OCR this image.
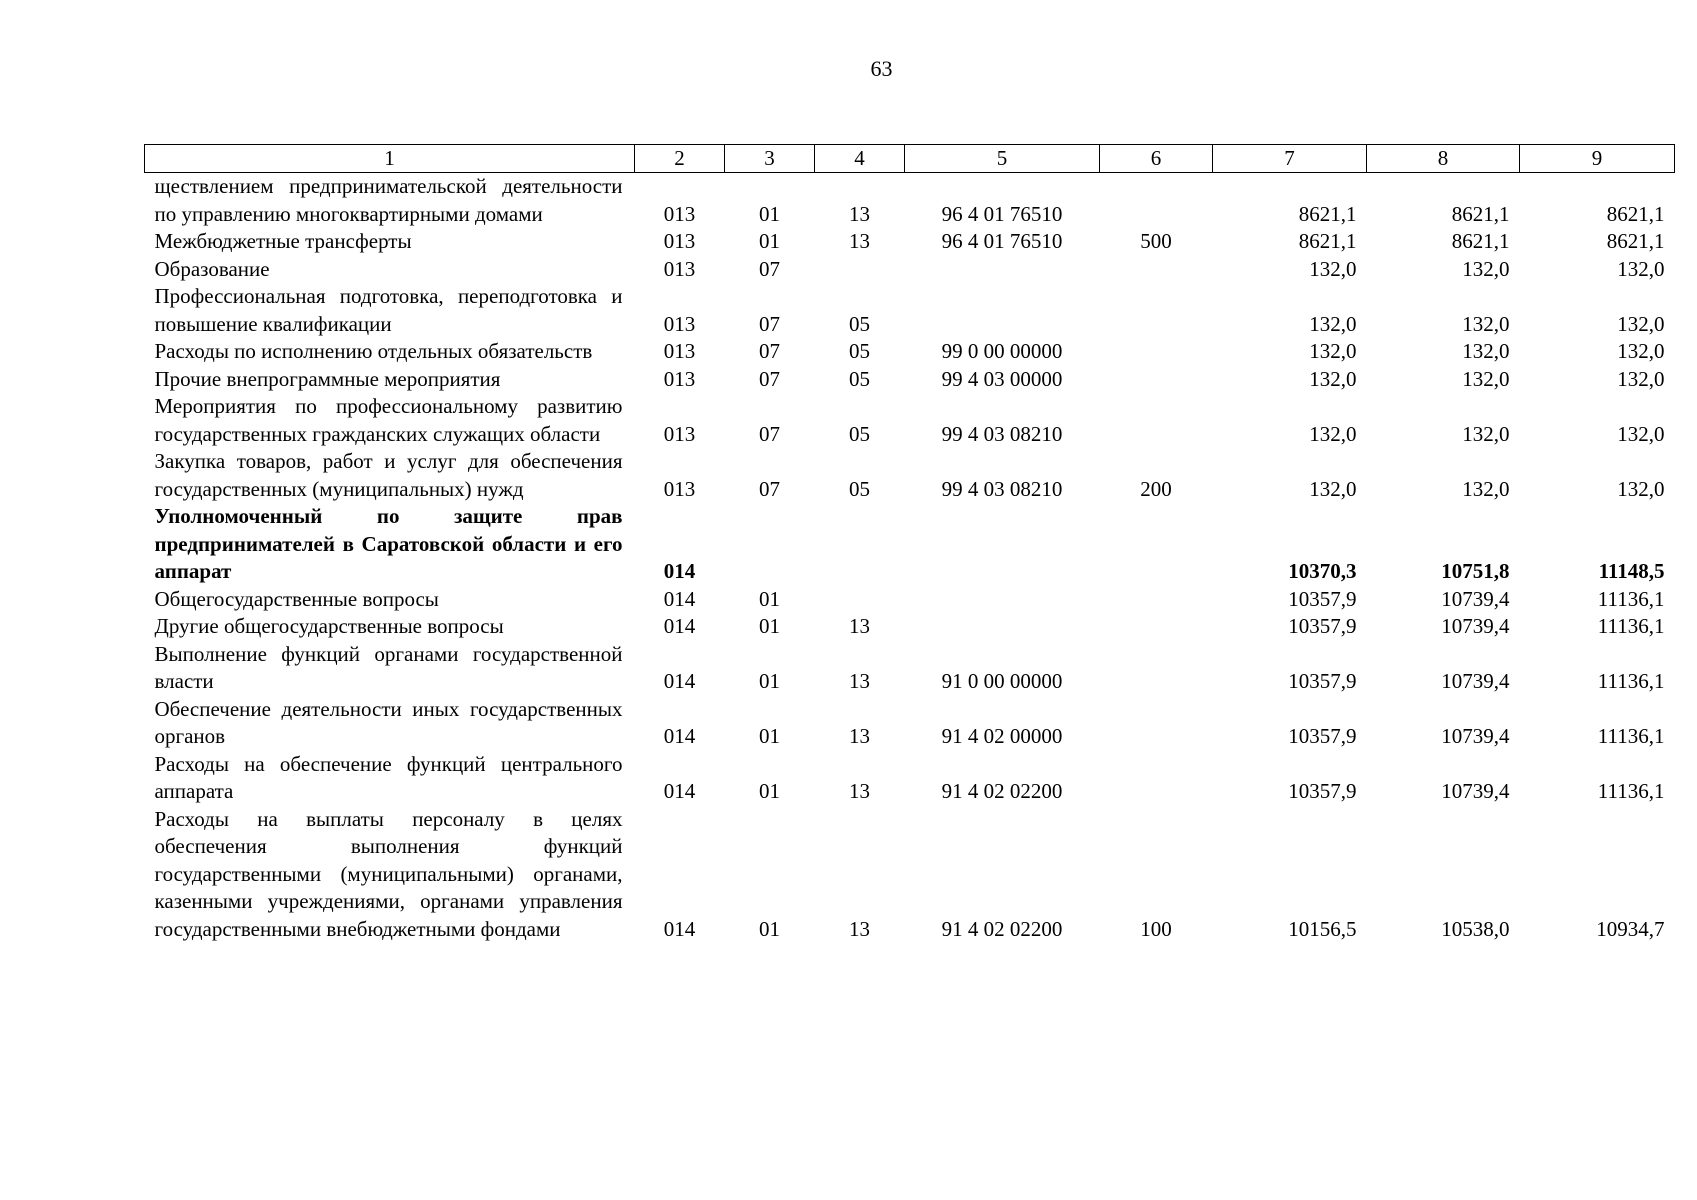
63
1	2	3	4	5	6	7	8	9
ществлением предпринимательской деятельности по управлению многоквартирными домами	013	01	13	96 4 01 76510		8621,1	8621,1	8621,1
Межбюджетные трансферты	013	01	13	96 4 01 76510	500	8621,1	8621,1	8621,1
Образование	013	07				132,0	132,0	132,0
Профессиональная подготовка, переподготовка и повышение квалификации	013	07	05			132,0	132,0	132,0
Расходы по исполнению отдельных обязательств	013	07	05	99 0 00 00000		132,0	132,0	132,0
Прочие внепрограммные мероприятия	013	07	05	99 4 03 00000		132,0	132,0	132,0
Мероприятия по профессиональному развитию государственных гражданских служащих области	013	07	05	99 4 03 08210		132,0	132,0	132,0
Закупка товаров, работ и услуг для обеспечения государственных (муниципальных) нужд	013	07	05	99 4 03 08210	200	132,0	132,0	132,0
Уполномоченный по защите прав предпринимателей в Саратовской области и его аппарат	014					10370,3	10751,8	11148,5
Общегосударственные вопросы	014	01				10357,9	10739,4	11136,1
Другие общегосударственные вопросы	014	01	13			10357,9	10739,4	11136,1
Выполнение функций органами государственной власти	014	01	13	91 0 00 00000		10357,9	10739,4	11136,1
Обеспечение деятельности иных государственных органов	014	01	13	91 4 02 00000		10357,9	10739,4	11136,1
Расходы на обеспечение функций центрального аппарата	014	01	13	91 4 02 02200		10357,9	10739,4	11136,1
Расходы на выплаты персоналу в целях обеспечения выполнения функций государственными (муниципальными) органами, казенными учреждениями, органами управления государственными внебюджетными фондами	014	01	13	91 4 02 02200	100	10156,5	10538,0	10934,7
